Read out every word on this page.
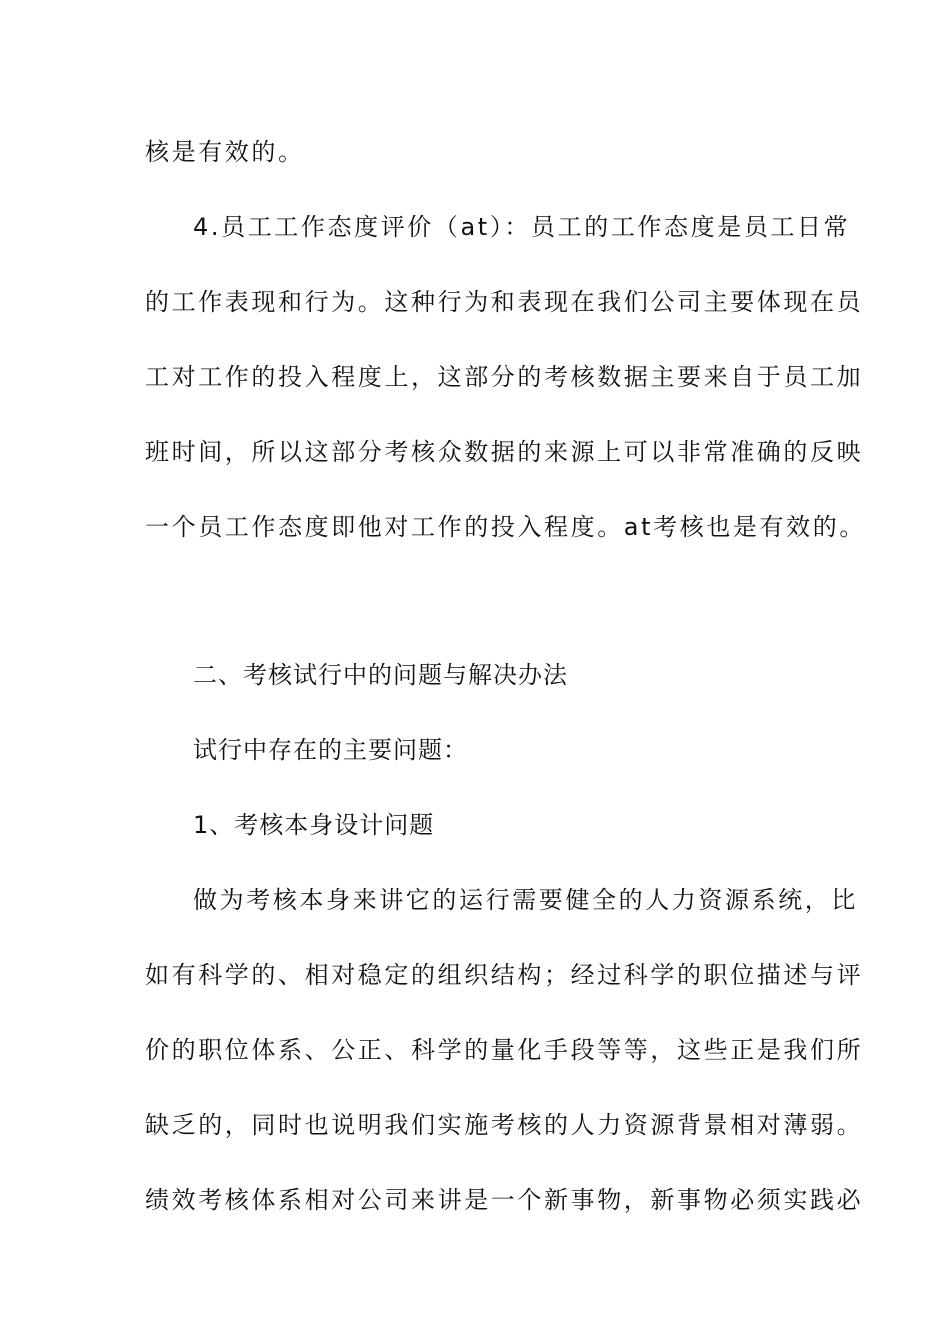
核是有效的。
4.员工工作态度评价（at）：员工的工作态度是员工日常
的工作表现和行为。这种行为和表现在我们公司主要体现在员
工对工作的投入程度上，这部分的考核数据主要来自于员工加
班时间，所以这部分考核众数据的来源上可以非常准确的反映
一个员工作态度即他对工作的投入程度。at考核也是有效的。
二、考核试行中的问题与解决办法
试行中存在的主要问题：
1、考核本身设计问题
做为考核本身来讲它的运行需要健全的人力资源系统，比
如有科学的、相对稳定的组织结构；经过科学的职位描述与评
价的职位体系、公正、科学的量化手段等等，这些正是我们所
缺乏的，同时也说明我们实施考核的人力资源背景相对薄弱。
绩效考核体系相对公司来讲是一个新事物，新事物必须实践必
